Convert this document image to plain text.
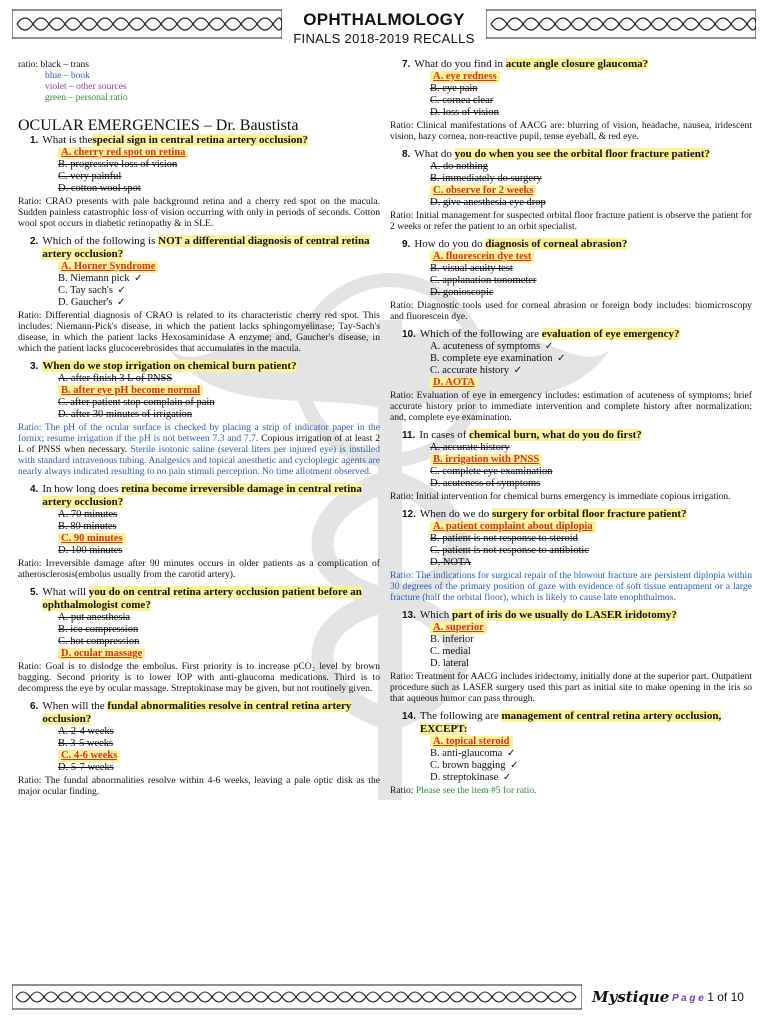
OPHTHALMOLOGY
FINALS 2018-2019 RECALLS
ratio: black – trans
blue – book
violet – other sources
green – personal ratio
OCULAR EMERGENCIES – Dr. Baustista
1. What is thespecial sign in central retina artery occlusion?
A. cherry red spot on retina
B. progressive loss of vision
C. very painful
D. cotton wool spot
Ratio: CRAO presents with pale background retina and a cherry red spot on the macula. Sudden painless catastrophic loss of vision occurring with only in periods of seconds. Cotton wool spot occurs in diabetic retinopathy & in SLE.
2. Which of the following is NOT a differential diagnosis of central retina artery occlusion?
A. Horner Syndrome
B. Niemann pick ✓
C. Tay sach's ✓
D. Gaucher's ✓
Ratio: Differential diagnosis of CRAO is related to its characteristic cherry red spot. This includes: Niemann-Pick's disease, in which the patient lacks sphingomyelinase; Tay-Sach's disease, in which the patient lacks Hexosaminidase A enzyme; and, Gaucher's disease, in which the patient lacks glucocerebrosides that accumulates in the macula.
3. When do we stop irrigation on chemical burn patient?
A. after finish 3 L of PNSS
B. after eye pH become normal
C. after patient stop complain of pain
D. after 30 minutes of irrigation
Ratio: The pH of the ocular surface is checked by placing a strip of indicator paper in the fornix; resume irrigation if the pH is not between 7.3 and 7.7. Copious irrigation of at least 2 L of PNSS when necessary. Sterile isotonic saline (several liters per injured eye) is instilled with standard intravenous tubing. Analgesics and topical anesthetic and cycloplegic agents are nearly always indicated resulting to no pain stimuli perception. No time allotment observed.
4. In how long does retina become irreversible damage in central retina artery occlusion?
A. 70 minutes
B. 80 minutes
C. 90 minutes
D. 100 minutes
Ratio: Irreversible damage after 90 minutes occurs in older patients as a complication of atherosclerosis(embolus usually from the carotid artery).
5. What will you do on central retina artery occlusion patient before an ophthalmologist come?
A. put anesthesia
B. ice compression
C. hot compression
D. ocular massage
Ratio: Goal is to dislodge the embolus. First priority is to increase pCO₂ level by brown bagging. Second priority is to lower IOP with anti-glaucoma medications. Third is to decompress the eye by ocular massage. Streptokinase may be given, but not routinely given.
6. When will the fundal abnormalities resolve in central retina artery occlusion?
A. 2-4 weeks
B. 3-5 weeks
C. 4-6 weeks
D. 5-7 weeks
Ratio: The fundal abnormalities resolve within 4-6 weeks, leaving a pale optic disk as the major ocular finding.
7. What do you find in acute angle closure glaucoma?
A. eye redness
B. eye pain
C. cornea clear
D. loss of vision
Ratio: Clinical manifestations of AACG are: blurring of vision, headache, nausea, iridescent vision, hazy cornea, non-reactive pupil, tense eyeball, & red eye.
8. What do you do when you see the orbital floor fracture patient?
A. do nothing
B. immediately do surgery
C. observe for 2 weeks
D. give anesthesia eye drop
Ratio: Initial management for suspected orbital floor fracture patient is observe the patient for 2 weeks or refer the patient to an orbit specialist.
9. How do you do diagnosis of corneal abrasion?
A. fluorescein dye test
B. visual acuity test
C. applanation tonometer
D. gonioscopic
Ratio: Diagnostic tools used for corneal abrasion or foreign body includes: biomicroscopy and fluorescein dye.
10. Which of the following are evaluation of eye emergency?
A. acuteness of symptoms ✓
B. complete eye examination ✓
C. accurate history ✓
D. AOTA
Ratio: Evaluation of eye in emergency includes: estimation of acuteness of symptoms; brief accurate history prior to immediate intervention and complete history after normalization; and, complete eye examination.
11. In cases of chemical burn, what do you do first?
A. accurate history
B. irrigation with PNSS
C. complete eye examination
D. acuteness of symptoms
Ratio: Initial intervention for chemical burns emergency is immediate copious irrigation.
12. When do we do surgery for orbital floor fracture patient?
A. patient complaint about diplopia
B. patient is not response to steroid
C. patient is not response to antibiotic
D. NOTA
Ratio: The indications for surgical repair of the blowout fracture are persistent diplopia within 30 degrees of the primary position of gaze with evidence of soft tissue entrapment or a large fracture (half the orbital floor), which is likely to cause late enophthalmos.
13. Which part of iris do we usually do LASER iridotomy?
A. superior
B. inferior
C. medial
D. lateral
Ratio: Treatment for AACG includes iridectomy, initially done at the superior part. Outpatient procedure such as LASER surgery used this part as initial site to make opening in the iris so that aqueous humor can pass through.
14. The following are management of central retina artery occlusion, EXCEPT:
A. topical steroid
B. anti-glaucoma ✓
C. brown bagging ✓
D. streptokinase ✓
Ratio: Please see the item #5 for ratio.
Mystique P a g e 1 of 10
